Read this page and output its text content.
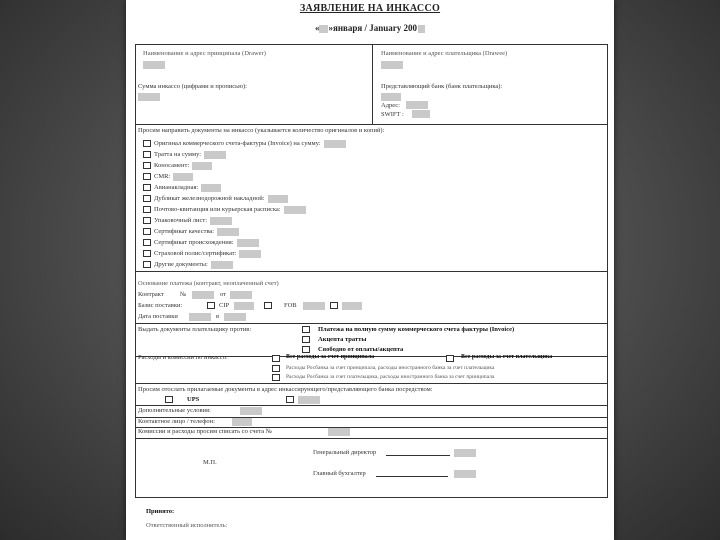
ЗАЯВЛЕНИЕ НА ИНКАССО
« »января / January 200
Наименование и адрес принципала (Drawer)	Наименование и адрес плательщика (Drawee)
Сумма инкассо (цифрами и прописью):	Представляющий банк (банк плательщика):
Адрес:
SWIFT :
Просим направить документы на инкассо (указывается количество оригиналов и копий):
Оригинал коммерческого счета-фактуры (Invoice) на сумму:
Тратта на сумму:
Коносамент:
CMR:
Авианакладная:
Дубликат железнодорожной накладной:
Почтово-квитанция или курьерская расписка:
Упаковочный лист:
Сертификат качества:
Сертификат происхождения:
Страховой полис/сертификат:
Другие документы:
Основание платежа (контракт, неоплаченный счет)
Контракт	№	от
Базис поставки:	CIP	FOB
Дата поставки	в
Выдать документы плательщику против:	Платежа на полную сумму коммерческого счета фактуры (Invoice)
Акцепта тратты
Свободно от оплаты/акцепта
Расходы и комиссии по инкассо:	Все расходы за счет принципала	Все расходы за счет плательщика
Расходы Росбанка за счет принципала, расходы иностранного банка за счет плательщика
Расходы Росбанка за счет плательщика, расходы иностранного банка за счет принципала
Просим отослать прилагаемые документы в адрес инкассирующего/представляющего банка посредством:
UPS
Дополнительные условия:
Контактное лицо / телефон:
Комиссии и расходы просим списать со счета №
Генеральный директор
М.П.
Главный бухгалтер
Принято:
Ответственный исполнитель:
